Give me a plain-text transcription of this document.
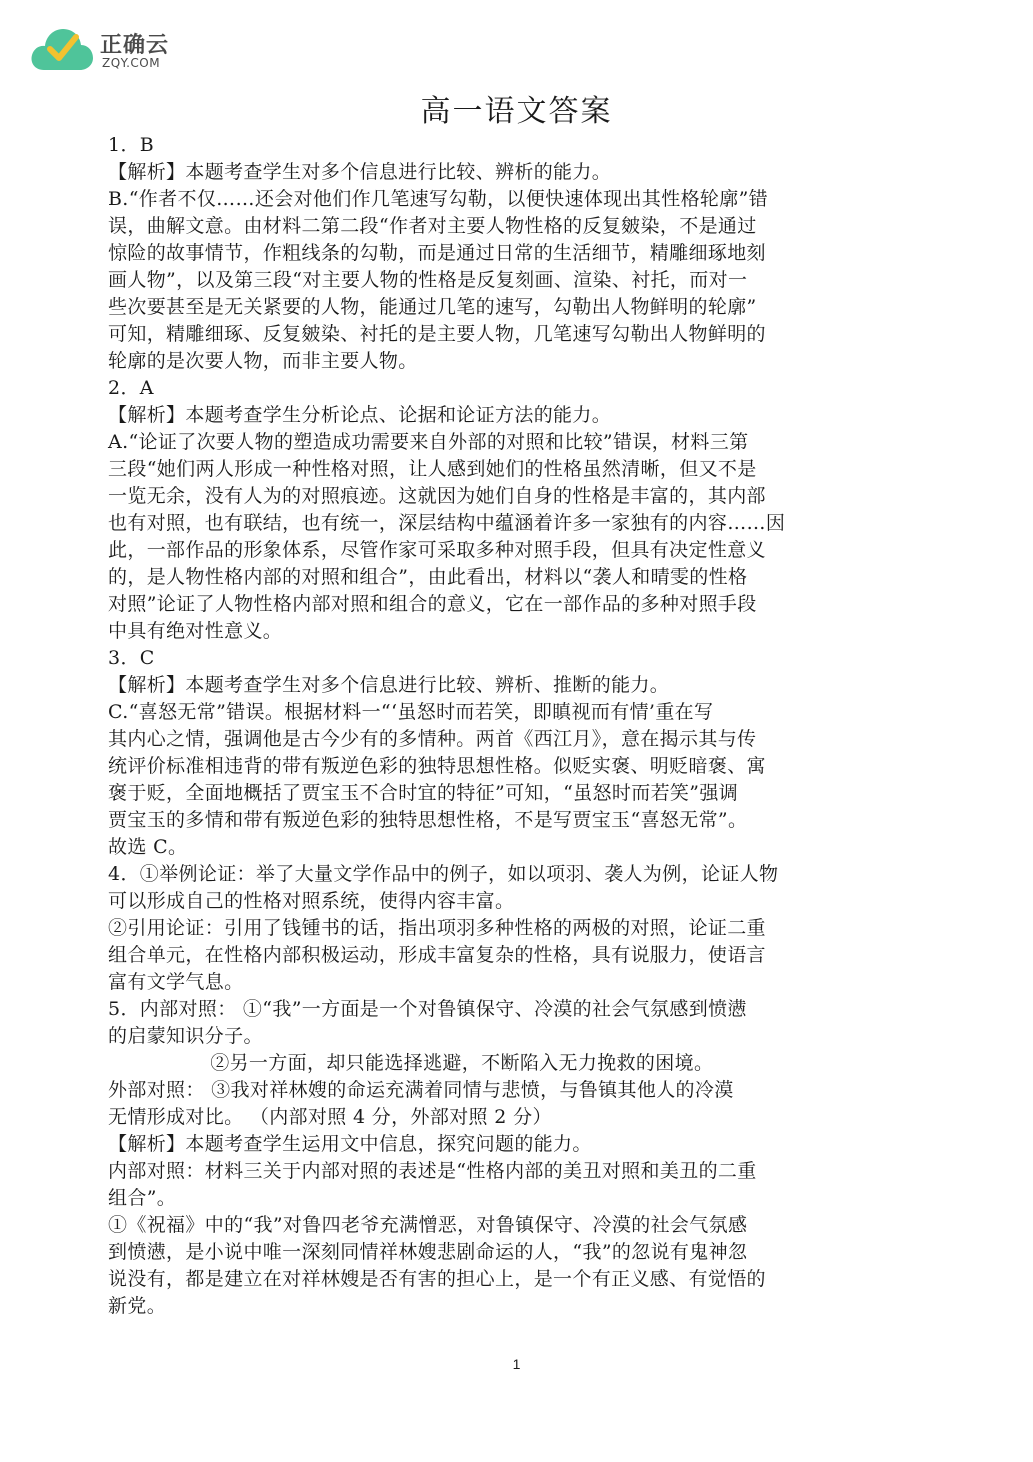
正确云
ZQY.COM
高一语文答案
1．B
【解析】本题考查学生对多个信息进行比较、辨析的能力。
B.“作者不仅……还会对他们作几笔速写勾勒，以便快速体现出其性格轮廓”错
误，曲解文意。由材料二第二段“作者对主要人物性格的反复皴染，不是通过
惊险的故事情节，作粗线条的勾勒，而是通过日常的生活细节，精雕细琢地刻
画人物”，以及第三段“对主要人物的性格是反复刻画、渲染、衬托，而对一
些次要甚至是无关紧要的人物，能通过几笔的速写，勾勒出人物鲜明的轮廓”
可知，精雕细琢、反复皴染、衬托的是主要人物，几笔速写勾勒出人物鲜明的
轮廓的是次要人物，而非主要人物。
2．A
【解析】本题考查学生分析论点、论据和论证方法的能力。
A.“论证了次要人物的塑造成功需要来自外部的对照和比较”错误，材料三第
三段“她们两人形成一种性格对照，让人感到她们的性格虽然清晰，但又不是
一览无余，没有人为的对照痕迹。这就因为她们自身的性格是丰富的，其内部
也有对照，也有联结，也有统一，深层结构中蕴涵着许多一家独有的内容……因
此，一部作品的形象体系，尽管作家可采取多种对照手段，但具有决定性意义
的，是人物性格内部的对照和组合”，由此看出，材料以“袭人和晴雯的性格
对照”论证了人物性格内部对照和组合的意义，它在一部作品的多种对照手段
中具有绝对性意义。
3．C
【解析】本题考查学生对多个信息进行比较、辨析、推断的能力。
C.“喜怒无常”错误。根据材料一“‘虽怒时而若笑，即瞋视而有情’重在写
其内心之情，强调他是古今少有的多情种。两首《西江月》，意在揭示其与传
统评价标准相违背的带有叛逆色彩的独特思想性格。似贬实褒、明贬暗褒、寓
褒于贬，全面地概括了贾宝玉不合时宜的特征”可知，“虽怒时而若笑”强调
贾宝玉的多情和带有叛逆色彩的独特思想性格，不是写贾宝玉“喜怒无常”。
故选 C。
4．①举例论证：举了大量文学作品中的例子，如以项羽、袭人为例，论证人物
可以形成自己的性格对照系统，使得内容丰富。
②引用论证：引用了钱锺书的话，指出项羽多种性格的两极的对照，论证二重
组合单元，在性格内部积极运动，形成丰富复杂的性格，具有说服力，使语言
富有文学气息。
5．内部对照： ①“我”一方面是一个对鲁镇保守、冷漠的社会气氛感到愤懑
的启蒙知识分子。
②另一方面，却只能选择逃避，不断陷入无力挽救的困境。
外部对照： ③我对祥林嫂的命运充满着同情与悲愤，与鲁镇其他人的冷漠
无情形成对比。 （内部对照 4 分，外部对照 2 分）
【解析】本题考查学生运用文中信息，探究问题的能力。
内部对照：材料三关于内部对照的表述是“性格内部的美丑对照和美丑的二重
组合”。
①《祝福》中的“我”对鲁四老爷充满憎恶，对鲁镇保守、冷漠的社会气氛感
到愤懑，是小说中唯一深刻同情祥林嫂悲剧命运的人，“我”的忽说有鬼神忽
说没有，都是建立在对祥林嫂是否有害的担心上，是一个有正义感、有觉悟的
新党。
1
